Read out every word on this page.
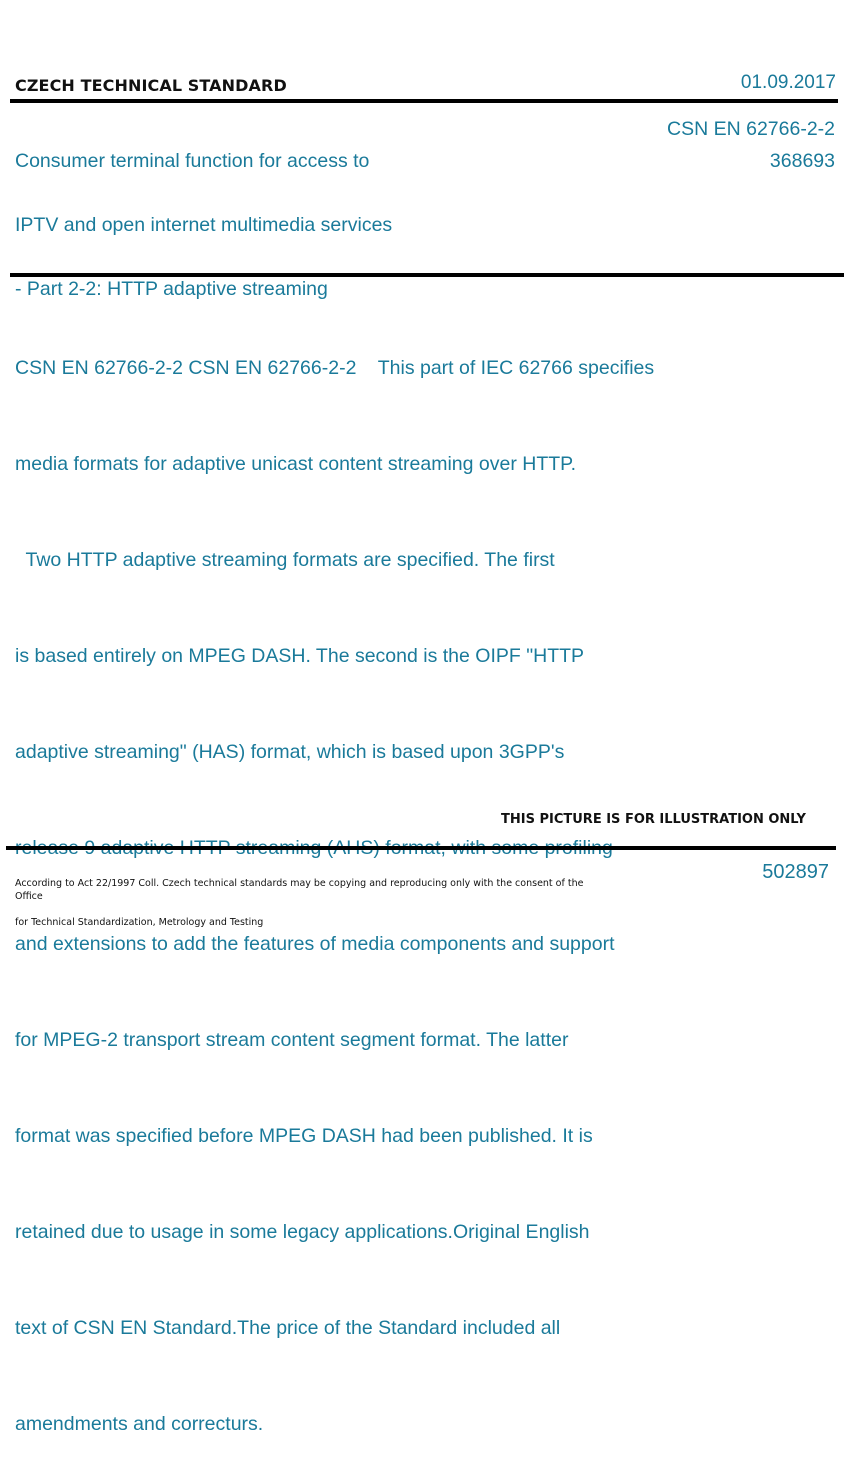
CZECH TECHNICAL STANDARD	01.09.2017

Consumer terminal function for access to

IPTV and open internet multimedia services

- Part 2-2: HTTP adaptive streaming

CSN EN 62766-2-2
368693

CSN EN 62766-2-2 CSN EN 62766-2-2    This part of IEC 62766 specifies

media formats for adaptive unicast content streaming over HTTP.

Two HTTP adaptive streaming formats are specified. The first

is based entirely on MPEG DASH. The second is the OIPF "HTTP

adaptive streaming" (HAS) format, which is based upon 3GPP's

and extensions to add the features of media components and support

for MPEG-2 transport stream content segment format. The latter

format was specified before MPEG DASH had been published. It is

retained due to usage in some legacy applications.Original English

text of CSN EN Standard.The price of the Standard included all

amendments and correcturs.

THIS PICTURE IS FOR ILLUSTRATION ONLY

According to Act 22/1997 Coll. Czech technical standards may be copying and reproducing only with the consent of the Office

for Technical Standardization, Metrology and Testing

502897
